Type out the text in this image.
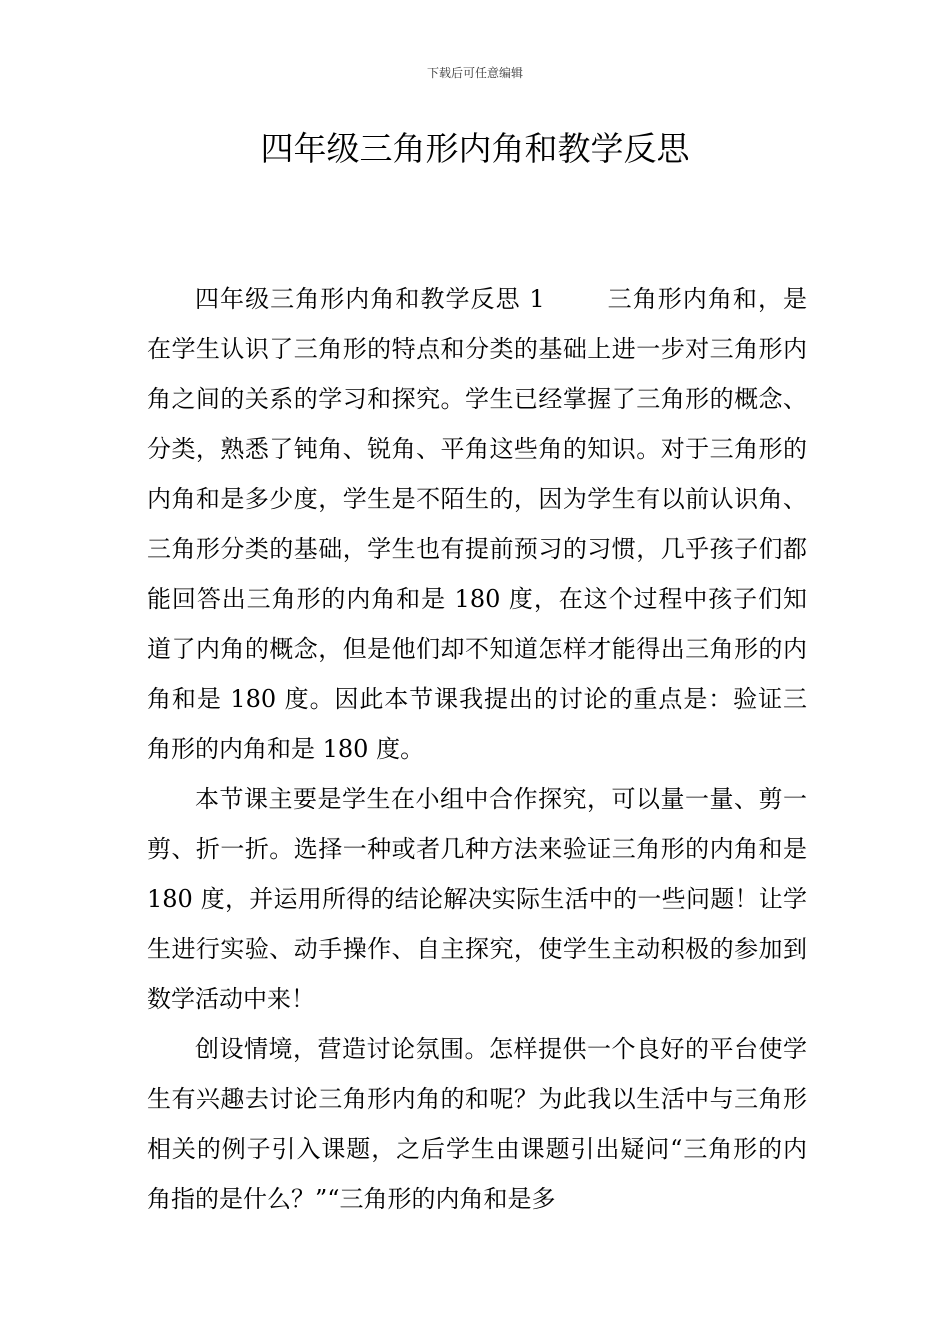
下载后可任意编辑
四年级三角形内角和教学反思

四年级三角形内角和教学反思 1	三角形内角和，是在学生认识了三角形的特点和分类的基础上进一步对三角形内角之间的关系的学习和探究。学生已经掌握了三角形的概念、分类，熟悉了钝角、锐角、平角这些角的知识。对于三角形的内角和是多少度，学生是不陌生的，因为学生有以前认识角、三角形分类的基础，学生也有提前预习的习惯，几乎孩子们都能回答出三角形的内角和是 180 度，在这个过程中孩子们知道了内角的概念，但是他们却不知道怎样才能得出三角形的内角和是 180 度。因此本节课我提出的讨论的重点是：验证三角形的内角和是 180 度。

本节课主要是学生在小组中合作探究，可以量一量、剪一剪、折一折。选择一种或者几种方法来验证三角形的内角和是 180 度，并运用所得的结论解决实际生活中的一些问题！让学生进行实验、动手操作、自主探究，使学生主动积极的参加到数学活动中来！

创设情境，营造讨论氛围。怎样提供一个良好的平台使学生有兴趣去讨论三角形内角的和呢？为此我以生活中与三角形相关的例子引入课题，之后学生由课题引出疑问“三角形的内角指的是什么？”“三角形的内角和是多
